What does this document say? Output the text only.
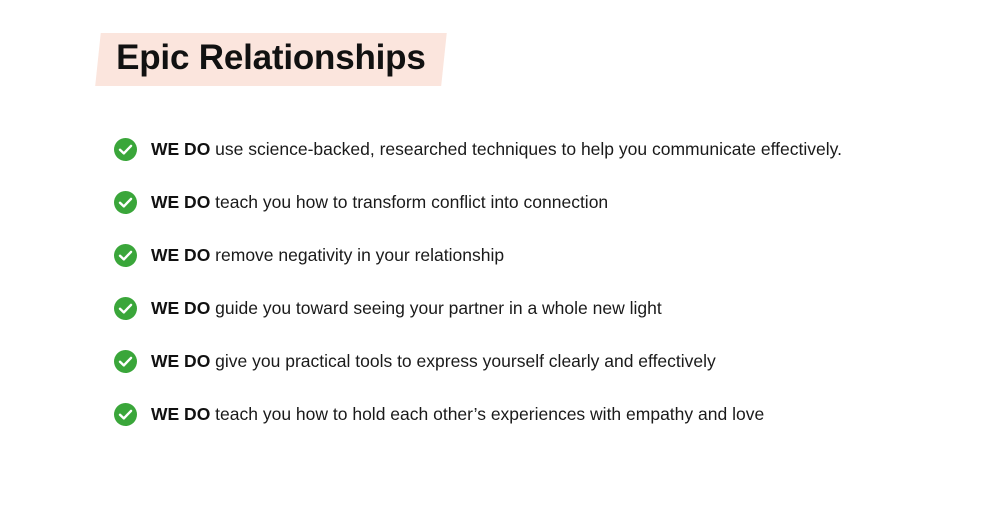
Epic Relationships
WE DO use science-backed, researched techniques to help you communicate effectively.
WE DO teach you how to transform conflict into connection
WE DO remove negativity in your relationship
WE DO guide you toward seeing your partner in a whole new light
WE DO give you practical tools to express yourself clearly and effectively
WE DO teach you how to hold each other’s experiences with empathy and love
